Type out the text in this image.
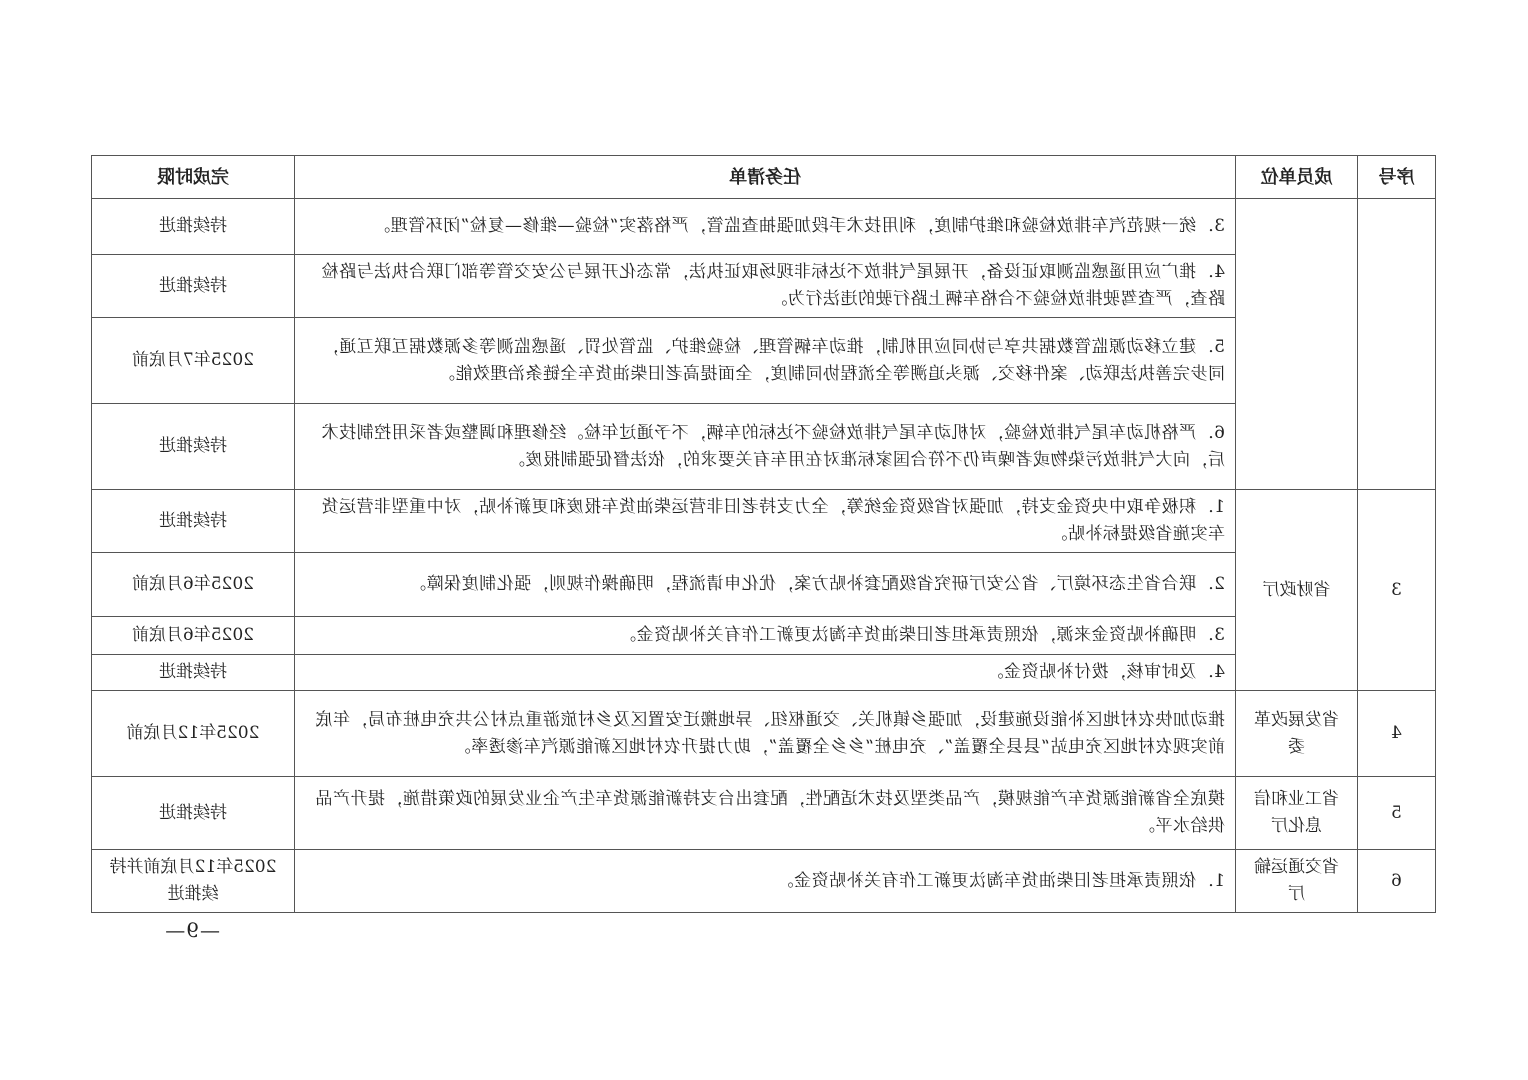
序号	成员单位	任务清单	完成时限
		3．统一规范汽车排放检验和维护制度，利用技术手段加强抽查监管，严格落实“检验—维修—复检”闭环管理。	持续推进
		4．推广应用遥感监测取证设备，开展尾气排放不达标非现场取证执法，常态化开展与公安交管等部门联合执法与路检路查，严查驾驶排放检验不合格车辆上路行驶的违法行为。	持续推进
		5．建立移动源监管数据共享与协同应用机制，推动车辆管理、检验维护、监管处罚、遥感监测等多源数据互联互通，同步完善执法联动、案件移交、源头追溯等全流程协同制度，全面提高老旧柴油货车全链条治理效能。	2025年7月底前
		6．严格机动车尾气排放检验，对机动车尾气排放检验不达标的车辆，不予通过年检。经修理和调整或者采用控制技术后，向大气排放污染物或者噪声仍不符合国家标准对在用车有关要求的，依法督促强制报废。	持续推进
3	省财政厅	1．积极争取中央资金支持，加强对省级资金统筹，全力支持老旧非营运柴油货车报废和更新补贴，对中重型非营运货车实施省级提标补贴。	持续推进
		2．联合省生态环境厅、省公安厅研究省级配套补贴方案，优化申请流程，明确操作规则，强化制度保障。	2025年6月底前
		3．明确补贴资金来源，依照责承担老旧柴油货车淘汰更新工作有关补贴资金。	2025年6月底前
		4．及时审核，拨付补贴资金。	持续推进
4	省发展改革委	推动加快农村地区补能设施建设，加强乡镇机关、交通枢纽、异地搬迁安置区及乡村旅游重点村公共充电桩布局，年底前实现农村地区充电站“县县全覆盖”、充电桩“乡乡全覆盖”，助力提升农村地区新能源汽车渗透率。	2025年12月底前
5	省工业和信息化厅	摸底全省新能源货车产能规模，产品类型及技术适配性，配套出台支持新能源货车生产企业发展的政策措施，提升产品供给水平。	持续推进
6	省交通运输厅	1．依照责承担老旧柴油货车淘汰更新工作有关补贴资金。	2025年12月底前并持续推进
—9—
